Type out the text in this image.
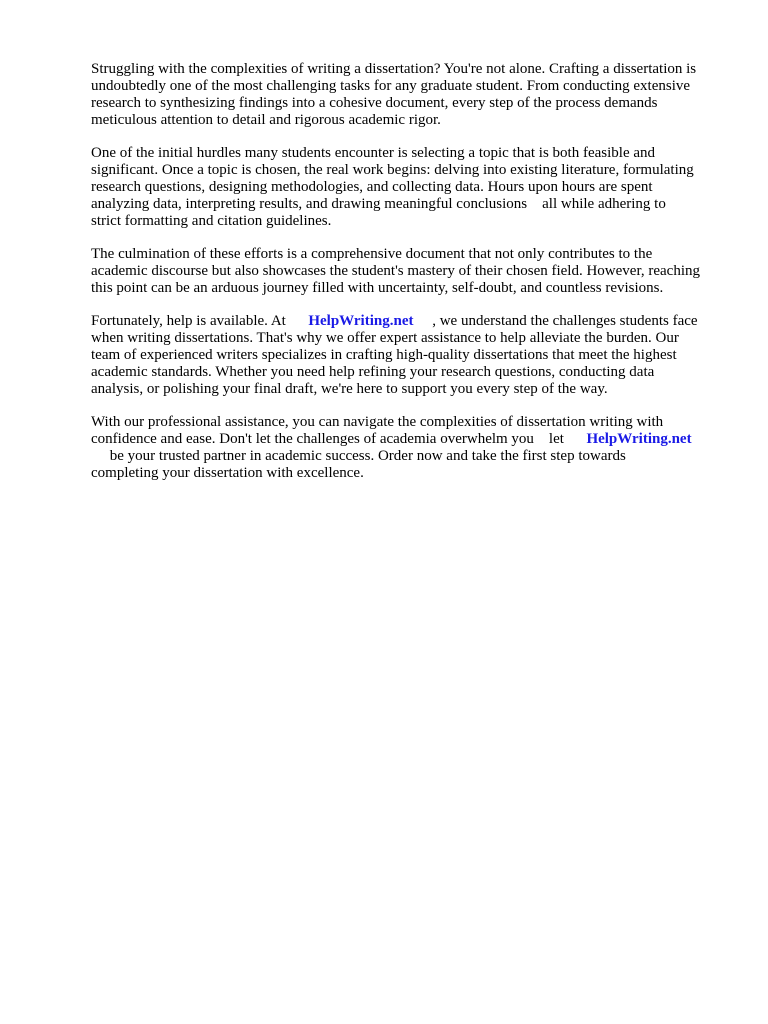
Struggling with the complexities of writing a dissertation? You're not alone. Crafting a dissertation is
undoubtedly one of the most challenging tasks for any graduate student. From conducting extensive
research to synthesizing findings into a cohesive document, every step of the process demands
meticulous attention to detail and rigorous academic rigor.

One of the initial hurdles many students encounter is selecting a topic that is both feasible and
significant. Once a topic is chosen, the real work begins: delving into existing literature, formulating
research questions, designing methodologies, and collecting data. Hours upon hours are spent
analyzing data, interpreting results, and drawing meaningful conclusions    all while adhering to
strict formatting and citation guidelines.

The culmination of these efforts is a comprehensive document that not only contributes to the
academic discourse but also showcases the student's mastery of their chosen field. However, reaching
this point can be an arduous journey filled with uncertainty, self-doubt, and countless revisions.

Fortunately, help is available. At      HelpWriting.net     , we understand the challenges students face
when writing dissertations. That's why we offer expert assistance to help alleviate the burden. Our
team of experienced writers specializes in crafting high-quality dissertations that meet the highest
academic standards. Whether you need help refining your research questions, conducting data
analysis, or polishing your final draft, we're here to support you every step of the way.

With our professional assistance, you can navigate the complexities of dissertation writing with
confidence and ease. Don't let the challenges of academia overwhelm you    let      HelpWriting.net
be your trusted partner in academic success. Order now and take the first step towards
completing your dissertation with excellence.
